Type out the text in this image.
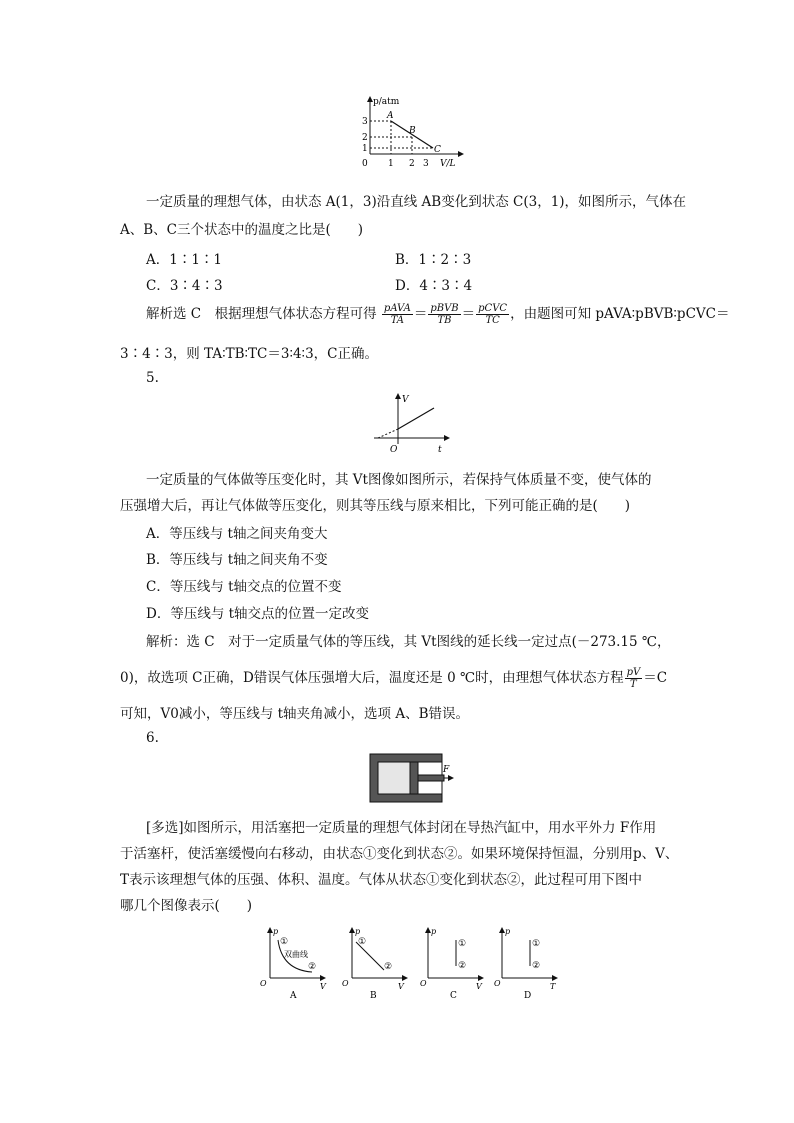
p/atm
V/L
3
2
1
0 1 2 3
A
B
C
一定质量的理想气体，由状态 A(1，3)沿直线 AB变化到状态 C(3，1)，如图所示，气体在
A、B、C三个状态中的温度之比是(　　)
A．1∶1∶1	B．1∶2∶3
C．3∶4∶3	D．4∶3∶4
解析选 C　根据理想气体状态方程可得 $\frac{\text{pAVA}}{TA} = \frac{\text{pBVB}}{TB} = \frac{\text{pCVC}}{TC}$ ，由题图可知 pAVA∶pBVB∶pCVC＝
3∶4∶3，则 TA∶TB∶TC＝3∶4∶3，C正确。
5.
V
t
O
一定质量的气体做等压变化时，其 Vt图像如图所示，若保持气体质量不变，使气体的
压强增大后，再让气体做等压变化，则其等压线与原来相比，下列可能正确的是(　　)
A．等压线与 t轴之间夹角变大
B．等压线与 t轴之间夹角不变
C．等压线与 t轴交点的位置不变
D．等压线与 t轴交点的位置一定改变
解析：选 C　对于一定质量气体的等压线，其 Vt图线的延长线一定过点(－273.15 ℃，
0)，故选项 C正确，D错误气体压强增大后，温度还是 0 ℃时，由理想气体状态方程 $\frac{pV}{T} =C$
可知，V0减小，等压线与 t轴夹角减小，选项 A、B错误。
6.
F
[多选]如图所示，用活塞把一定质量的理想气体封闭在导热汽缸中，用水平外力 F作用
于活塞杆，使活塞缓慢向右移动，由状态①变化到状态②。如果环境保持恒温，分别用p、V、
T表示该理想气体的压强、体积、温度。气体从状态①变化到状态②，此过程可用下图中
哪几个图像表示(　　)
p
V
O
①
双曲线
②
A
p
V
O
①
②
B
p
V
O
①
②
C
p
T
O
①
②
D
